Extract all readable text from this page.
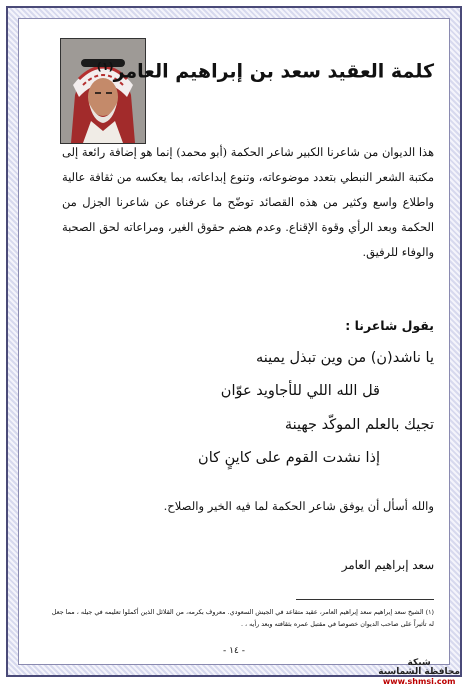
كلمة العقيد سعد بن إبراهيم العامر$^{(١)}$
هذا الديوان من شاعرنا الكبير شاعر الحكمة (أبو محمد) إنما هو إضافة رائعة إلى مكتبة الشعر النبطي بتعدد موضوعاته، وتنوع إبداعاته، بما يعكسه من ثقافة عالية واطلاع واسع وكثير من هذه القصائد توضّح ما عرفناه عن شاعرنا الجزل من الحكمة وبعد الرأي وقوة الإقناع. وعدم هضم حقوق الغير، ومراعاته لحق الصحبة والوفاء للرفيق.
يقول شاعرنا :
يا ناشد(ن) من وين تبذل يمينه
قل الله اللي للأجاويد عوّان
تجيك بالعلم الموكّد جهينة
إذا نشدت القوم على كاينٍ كان
والله أسأل أن يوفق شاعر الحكمة لما فيه الخير والصلاح.
سعد إبراهيم العامر
(١) الشيخ سعد إبراهيم سعد إبراهيم العامر، عقيد متقاعد في الجيش السعودي. معروف بكرمه، من القلائل الذين أكملوا تعليمه في جيله ، مما جعل له تأثيراً على صاحب الديوان خصوصا في مقتبل عمره بثقافته وبعد رأيه ، .
- ١٤ -
شبكة
محافظة الشماسية
www.shmsi.com
